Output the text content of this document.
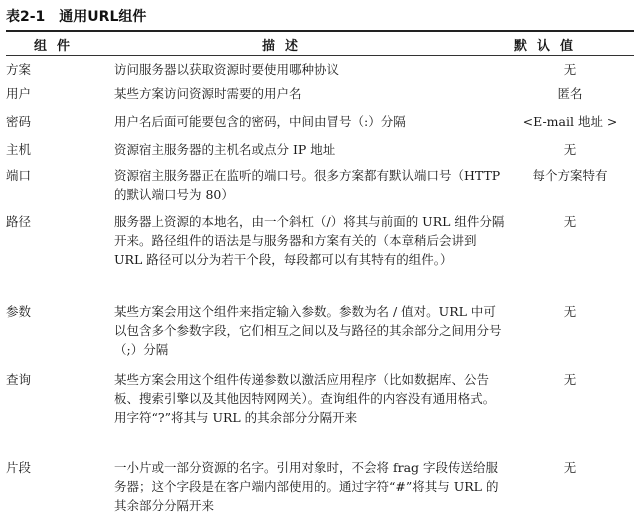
表2-1 通用URL组件
组件	描述	默认值
方案	访问服务器以获取资源时要使用哪种协议	无
用户	某些方案访问资源时需要的用户名	匿名
密码	用户名后面可能要包含的密码，中间由冒号（:）分隔	<E-mail 地址 >
主机	资源宿主服务器的主机名或点分 IP 地址	无
端口	资源宿主服务器正在监听的端口号。很多方案都有默认端口号（HTTP 的默认端口号为 80）	每个方案特有
路径	服务器上资源的本地名，由一个斜杠（/）将其与前面的 URL 组件分隔开来。路径组件的语法是与服务器和方案有关的（本章稍后会讲到 URL 路径可以分为若干个段，每段都可以有其特有的组件。）	无
参数	某些方案会用这个组件来指定输入参数。参数为名 / 值对。URL 中可以包含多个参数字段，它们相互之间以及与路径的其余部分之间用分号（;）分隔	无
查询	某些方案会用这个组件传递参数以激活应用程序（比如数据库、公告板、搜索引擎以及其他因特网网关）。查询组件的内容没有通用格式。用字符“?”将其与 URL 的其余部分分隔开来	无
片段	一小片或一部分资源的名字。引用对象时，不会将 frag 字段传送给服务器；这个字段是在客户端内部使用的。通过字符“#”将其与 URL 的其余部分分隔开来	无
